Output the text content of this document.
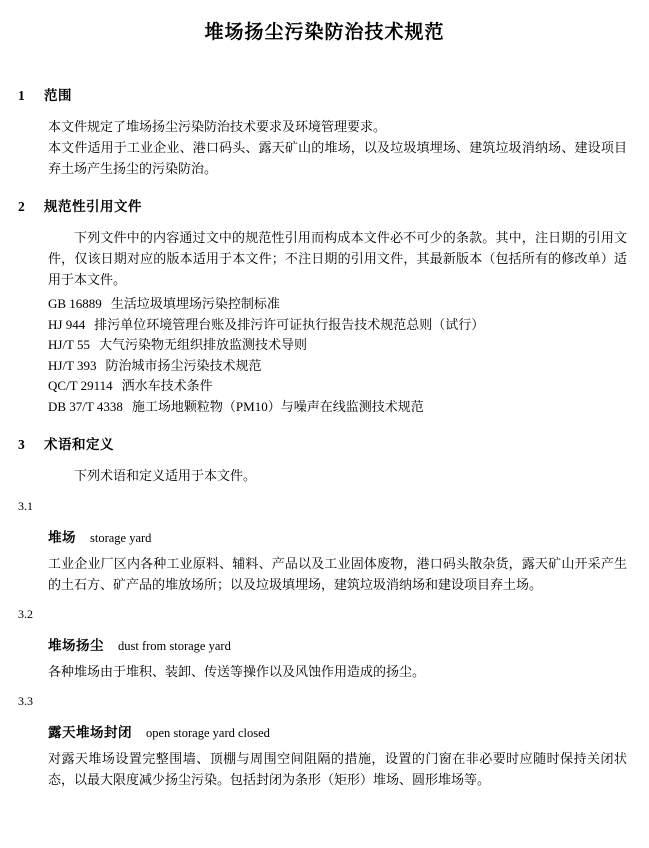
堆场扬尘污染防治技术规范
1	范围

本文件规定了堆场扬尘污染防治技术要求及环境管理要求。

本文件适用于工业企业、港口码头、露天矿山的堆场，以及垃圾填埋场、建筑垃圾消纳场、建设项目弃土场产生扬尘的污染防治。

2	规范性引用文件

下列文件中的内容通过文中的规范性引用而构成本文件必不可少的条款。其中，注日期的引用文件，仅该日期对应的版本适用于本文件；不注日期的引用文件，其最新版本（包括所有的修改单）适用于本文件。

GB 16889 生活垃圾填埋场污染控制标准
HJ 944 排污单位环境管理台账及排污许可证执行报告技术规范总则（试行）
HJ/T 55 大气污染物无组织排放监测技术导则
HJ/T 393 防治城市扬尘污染技术规范
QC/T 29114 洒水车技术条件
DB 37/T 4338 施工场地颗粒物（PM10）与噪声在线监测技术规范
3	术语和定义

下列术语和定义适用于本文件。

3.1
堆场 storage yard

工业企业厂区内各种工业原料、辅料、产品以及工业固体废物，港口码头散杂货，露天矿山开采产生的土石方、矿产品的堆放场所；以及垃圾填埋场，建筑垃圾消纳场和建设项目弃土场。

3.2
堆场扬尘 dust from storage yard

各种堆场由于堆积、装卸、传送等操作以及风蚀作用造成的扬尘。

3.3
露天堆场封闭 open storage yard closed

对露天堆场设置完整围墙、顶棚与周围空间阻隔的措施，设置的门窗在非必要时应随时保持关闭状态，以最大限度减少扬尘污染。包括封闭为条形（矩形）堆场、圆形堆场等。
